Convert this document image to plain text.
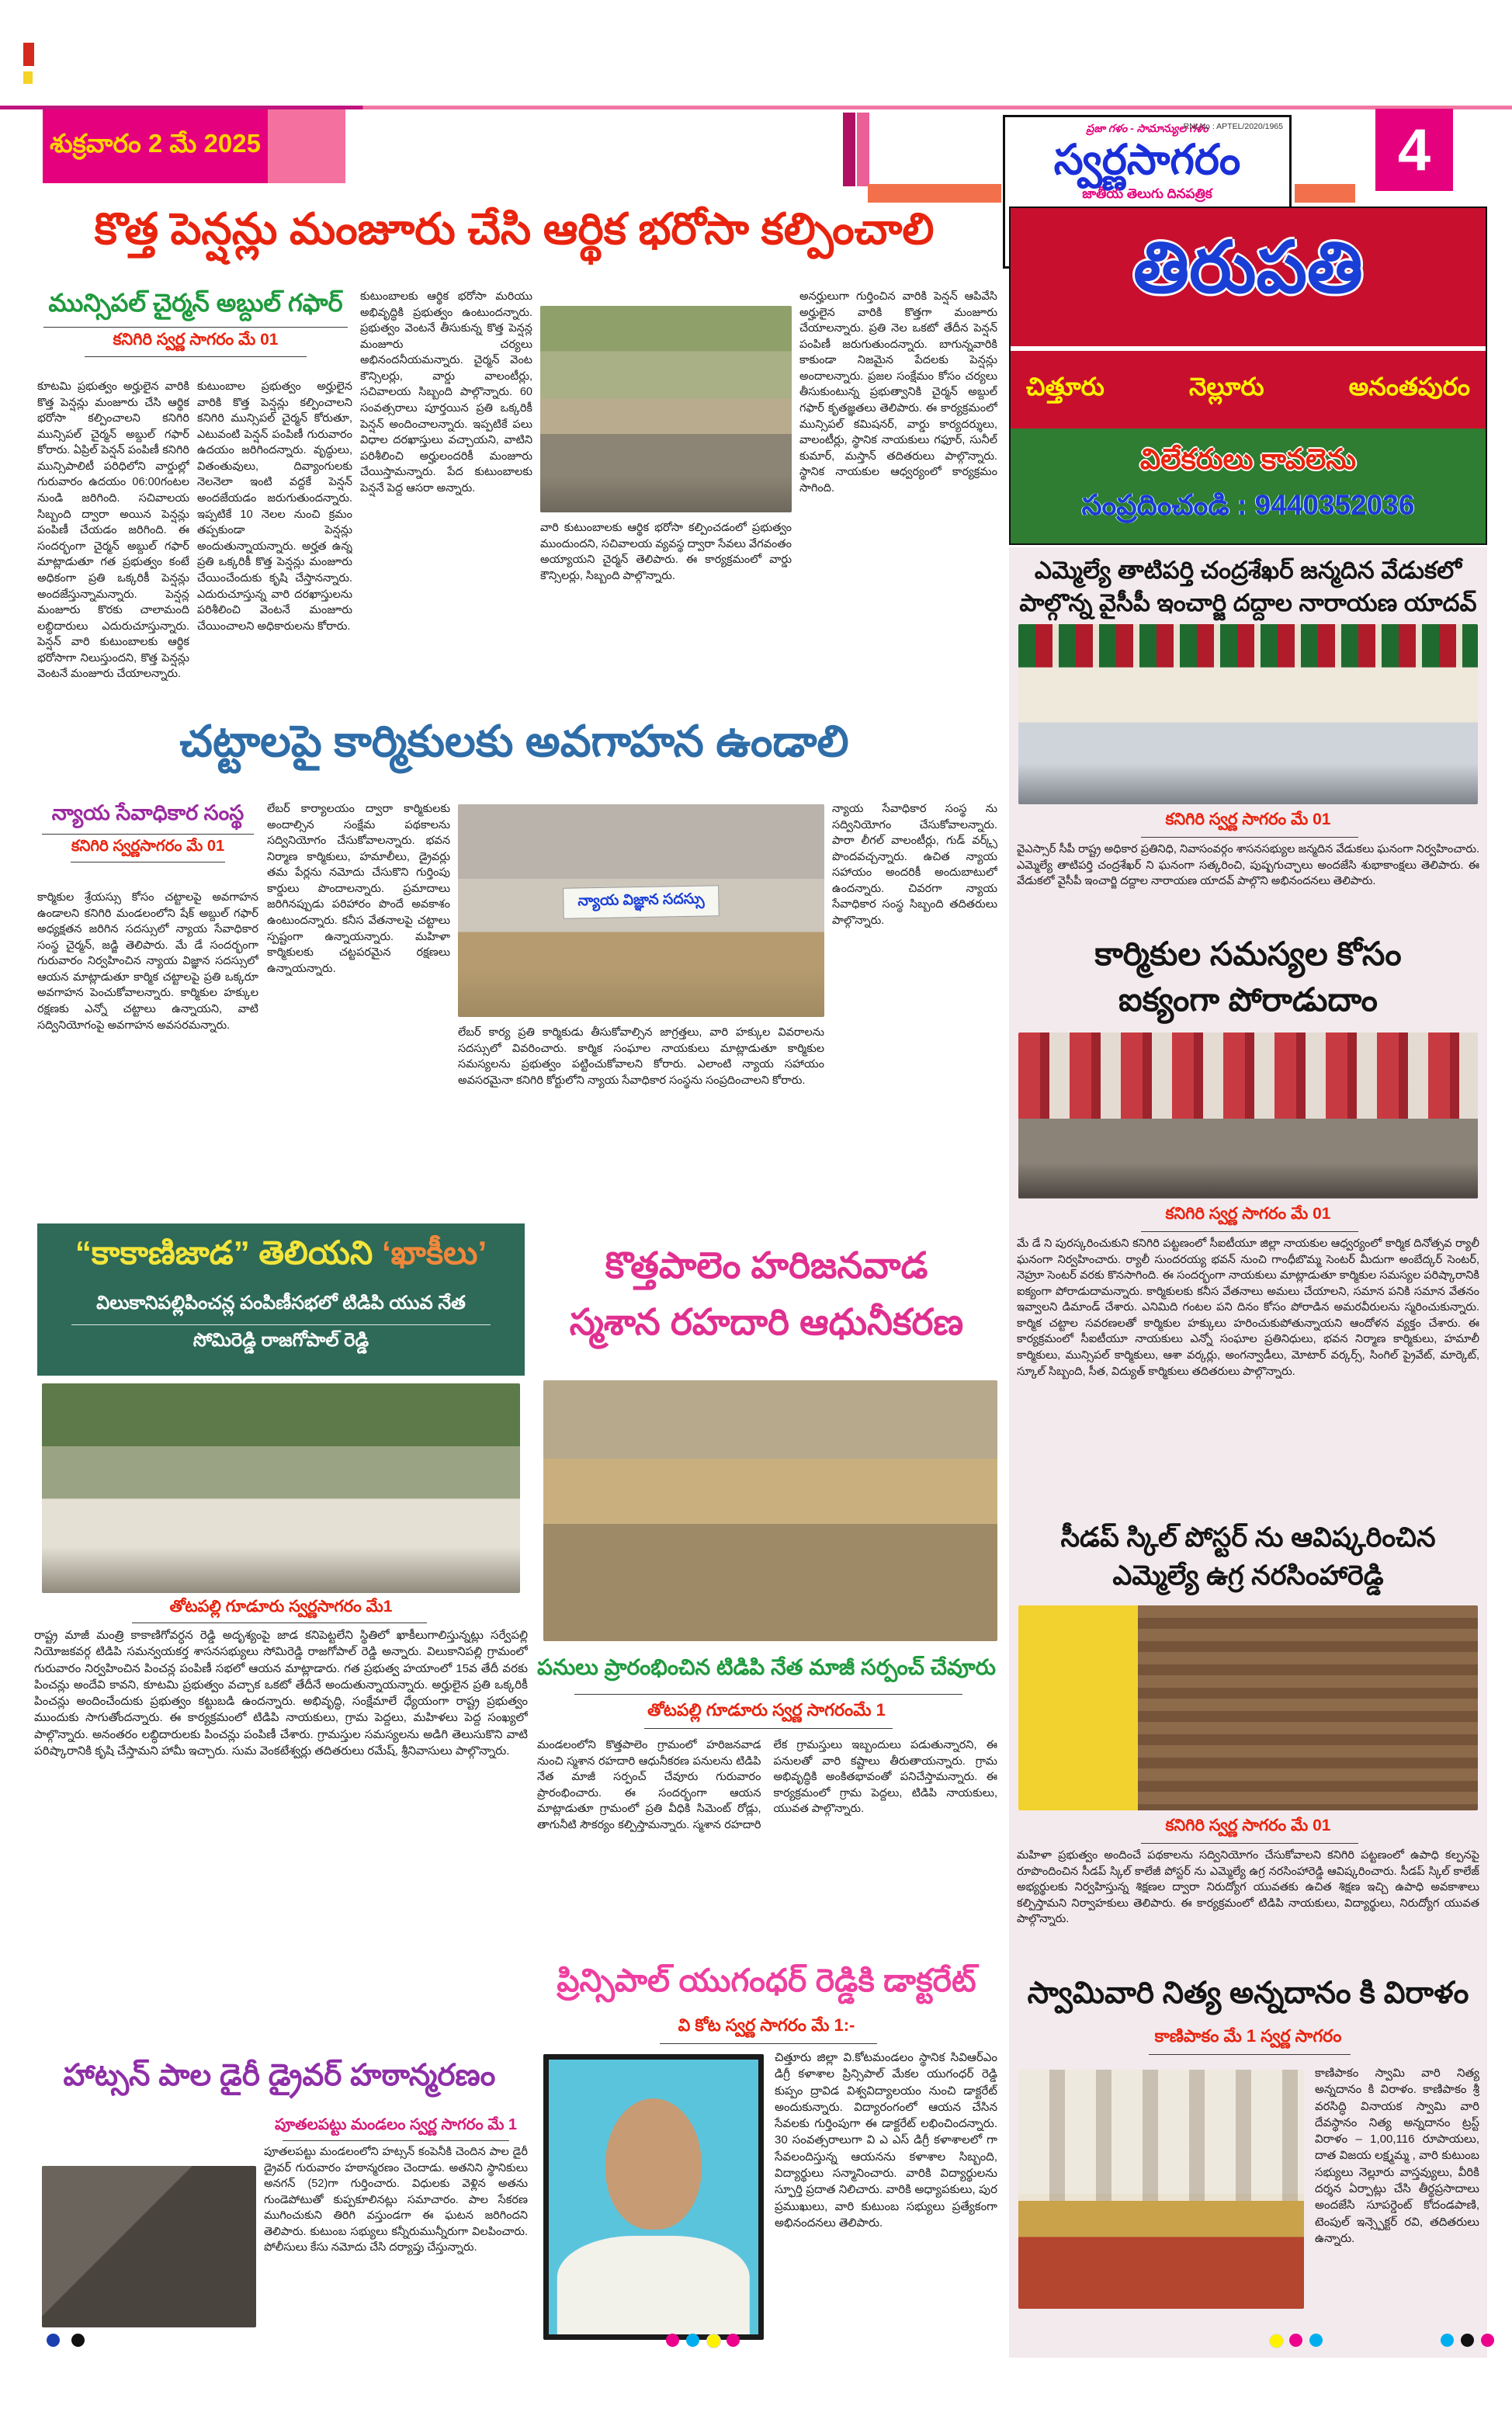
శుక్రవారం 2 మే 2025
ప్రజా గళం - సామాన్యుల గళం
RNI No : APTEL/2020/1965
స్వర్ణసాగరం
జాతీయ తెలుగు దినపత్రిక
4
తిరుపతి
చిత్తూరు	నెల్లూరు	అనంతపురం
విలేకరులు కావలెను
సంప్రదించండి : 9440352036
కొత్త పెన్షన్లు మంజూరు చేసి ఆర్థిక భరోసా కల్పించాలి
మున్సిపల్ చైర్మన్ అబ్దుల్ గఫార్
కనిగిరి స్వర్ణ సాగరం మే 01
కూటమి ప్రభుత్వం అర్హులైన వారికి కొత్త పెన్షన్లు మంజూరు చేసి ఆర్థిక భరోసా కల్పించాలని కనిగిరి మున్సిపల్ చైర్మన్ అబ్దుల్ గఫార్ కోరారు. ఏప్రిల్ పెన్షన్ పంపిణీ కనిగిరి మున్సిపాలిటీ పరిధిలోని వార్డుల్లో గురువారం ఉదయం 06:00గంటల నుండి జరిగింది. సచివాలయ సిబ్బంది ద్వారా అయిన పెన్షన్లు పంపిణీ చేయడం జరిగింది. ఈ సందర్భంగా చైర్మన్ అబ్దుల్ గఫార్ మాట్లాడుతూ గత ప్రభుత్వం కంటే అధికంగా ప్రతి ఒక్కరికీ పెన్షన్లు అందజేస్తున్నామన్నారు. పెన్షన్ల మంజూరు కొరకు చాలామంది లబ్ధిదారులు ఎదురుచూస్తున్నారు. పెన్షన్ వారి కుటుంబాలకు ఆర్థిక భరోసాగా నిలుస్తుందని, కొత్త పెన్షన్లు వెంటనే మంజూరు చేయాలన్నారు.
కుటుంబాల ప్రభుత్వం అర్హులైన వారికి కొత్త పెన్షన్లు కల్పించాలని కనిగిరి మున్సిపల్ చైర్మన్ కోరుతూ, ఎటువంటి పెన్షన్ పంపిణీ గురువారం ఉదయం జరిగిందన్నారు. వృద్ధులు, వితంతువులు, దివ్యాంగులకు నెలనెలా ఇంటి వద్దకే పెన్షన్ అందజేయడం జరుగుతుందన్నారు. ఇప్పటికే 10 నెలల నుంచి క్రమం తప్పకుండా పెన్షన్లు అందుతున్నాయన్నారు. అర్హత ఉన్న ప్రతి ఒక్కరికీ కొత్త పెన్షన్లు మంజూరు చేయించేందుకు కృషి చేస్తానన్నారు. ఎదురుచూస్తున్న వారి దరఖాస్తులను పరిశీలించి వెంటనే మంజూరు చేయించాలని అధికారులను కోరారు.
కుటుంబాలకు ఆర్థిక భరోసా మరియు అభివృద్ధికి ప్రభుత్వం ఉంటుందన్నారు. ప్రభుత్వం వెంటనే తీసుకున్న కొత్త పెన్షన్ల మంజూరు చర్యలు అభినందనీయమన్నారు. చైర్మన్ వెంట కౌన్సిలర్లు, వార్డు వాలంటీర్లు, సచివాలయ సిబ్బంది పాల్గొన్నారు. 60 సంవత్సరాలు పూర్తయిన ప్రతి ఒక్కరికీ పెన్షన్ అందించాలన్నారు. ఇప్పటికే పలు విధాల దరఖాస్తులు వచ్చాయని, వాటిని పరిశీలించి అర్హులందరికీ మంజూరు చేయిస్తామన్నారు. పేద కుటుంబాలకు పెన్షనే పెద్ద ఆసరా అన్నారు.
వారి కుటుంబాలకు ఆర్థిక భరోసా కల్పించడంలో ప్రభుత్వం ముందుందని, సచివాలయ వ్యవస్థ ద్వారా సేవలు వేగవంతం అయ్యాయని చైర్మన్ తెలిపారు. ఈ కార్యక్రమంలో వార్డు కౌన్సిలర్లు, సిబ్బంది పాల్గొన్నారు.
అనర్హులుగా గుర్తించిన వారికి పెన్షన్ ఆపివేసి అర్హులైన వారికి కొత్తగా మంజూరు చేయాలన్నారు. ప్రతి నెల ఒకటో తేదీన పెన్షన్ పంపిణీ జరుగుతుందన్నారు. బాగున్నవారికి కాకుండా నిజమైన పేదలకు పెన్షన్లు అందాలన్నారు. ప్రజల సంక్షేమం కోసం చర్యలు తీసుకుంటున్న ప్రభుత్వానికి చైర్మన్ అబ్దుల్ గఫార్ కృతజ్ఞతలు తెలిపారు. ఈ కార్యక్రమంలో మున్సిపల్ కమిషనర్, వార్డు కార్యదర్శులు, వాలంటీర్లు, స్థానిక నాయకులు గఫూర్, సునీల్ కుమార్, మస్తాన్ తదితరులు పాల్గొన్నారు. స్థానిక నాయకుల ఆధ్వర్యంలో కార్యక్రమం సాగింది.
చట్టాలపై కార్మికులకు అవగాహన ఉండాలి
న్యాయ సేవాధికార సంస్థ
కనిగిరి స్వర్ణసాగరం మే 01
కార్మికుల శ్రేయస్సు కోసం చట్టాలపై అవగాహన ఉండాలని కనిగిరి మండలంలోని షేక్ అబ్దుల్ గఫార్ అధ్యక్షతన జరిగిన సదస్సులో న్యాయ సేవాధికార సంస్థ చైర్మన్, జడ్జి తెలిపారు. మే డే సందర్భంగా గురువారం నిర్వహించిన న్యాయ విజ్ఞాన సదస్సులో ఆయన మాట్లాడుతూ కార్మిక చట్టాలపై ప్రతి ఒక్కరూ అవగాహన పెంచుకోవాలన్నారు. కార్మికుల హక్కుల రక్షణకు ఎన్నో చట్టాలు ఉన్నాయని, వాటి సద్వినియోగంపై అవగాహన అవసరమన్నారు.
లేబర్ కార్యాలయం ద్వారా కార్మికులకు అందాల్సిన సంక్షేమ పథకాలను సద్వినియోగం చేసుకోవాలన్నారు. భవన నిర్మాణ కార్మికులు, హమాలీలు, డ్రైవర్లు తమ పేర్లను నమోదు చేసుకొని గుర్తింపు కార్డులు పొందాలన్నారు. ప్రమాదాలు జరిగినప్పుడు పరిహారం పొందే అవకాశం ఉంటుందన్నారు. కనీస వేతనాలపై చట్టాలు స్పష్టంగా ఉన్నాయన్నారు. మహిళా కార్మికులకు చట్టపరమైన రక్షణలు ఉన్నాయన్నారు.
న్యాయ విజ్ఞాన సదస్సు
లేబర్ కార్య ప్రతి కార్మికుడు తీసుకోవాల్సిన జాగ్రత్తలు, వారి హక్కుల వివరాలను సదస్సులో వివరించారు. కార్మిక సంఘాల నాయకులు మాట్లాడుతూ కార్మికుల సమస్యలను ప్రభుత్వం పట్టించుకోవాలని కోరారు. ఎలాంటి న్యాయ సహాయం అవసరమైనా కనిగిరి కోర్టులోని న్యాయ సేవాధికార సంస్థను సంప్రదించాలని కోరారు.
న్యాయ సేవాధికార సంస్థ ను సద్వినియోగం చేసుకోవాలన్నారు. పారా లీగల్ వాలంటీర్లు, గుడ్ వర్క్స్ పొందవచ్చన్నారు. ఉచిత న్యాయ సహాయం అందరికీ అందుబాటులో ఉందన్నారు. చివరగా న్యాయ సేవాధికార సంస్థ సిబ్బంది తదితరులు పాల్గొన్నారు.
“కాకాణిజాడ” తెలియని ‘ఖాకీలు’
విలుకానిపల్లిపించన్ల పంపిణీసభలో టిడిపి యువ నేత
సోమిరెడ్డి రాజగోపాల్ రెడ్డి
తోటపల్లి గూడూరు స్వర్ణసాగరం మే1
రాష్ట్ర మాజీ మంత్రి కాకాణిగోవర్ధన రెడ్డి అదృశ్యంపై జాడ కనిపెట్టలేని స్థితిలో ఖాకీలుగాలిస్తున్నట్లు సర్వేపల్లి నియోజకవర్గ టిడిపి సమన్వయకర్త శాసనసభ్యులు సోమిరెడ్డి రాజగోపాల్ రెడ్డి అన్నారు. విలుకానిపల్లి గ్రామంలో గురువారం నిర్వహించిన పించన్ల పంపిణీ సభలో ఆయన మాట్లాడారు. గత ప్రభుత్వ హయాంలో 15వ తేదీ వరకు పించన్లు అందేవి కావని, కూటమి ప్రభుత్వం వచ్చాక ఒకటో తేదీనే అందుతున్నాయన్నారు. అర్హులైన ప్రతి ఒక్కరికీ పించన్లు అందించేందుకు ప్రభుత్వం కట్టుబడి ఉందన్నారు. అభివృద్ధి, సంక్షేమాలే ధ్యేయంగా రాష్ట్ర ప్రభుత్వం ముందుకు సాగుతోందన్నారు. ఈ కార్యక్రమంలో టిడిపి నాయకులు, గ్రామ పెద్దలు, మహిళలు పెద్ద సంఖ్యలో పాల్గొన్నారు. అనంతరం లబ్ధిదారులకు పించన్లు పంపిణీ చేశారు. గ్రామస్తుల సమస్యలను అడిగి తెలుసుకొని వాటి పరిష్కారానికి కృషి చేస్తామని హామీ ఇచ్చారు. సుమ వెంకటేశ్వర్లు తదితరులు రమేష్, శ్రీనివాసులు పాల్గొన్నారు.
హాట్సన్ పాల డైరీ డ్రైవర్ హఠాన్మరణం
పూతలపట్టు మండలం స్వర్ణ సాగరం మే 1
పూతలపట్టు మండలంలోని హట్సన్ కంపెనీకి చెందిన పాల డైరీ డ్రైవర్ గురువారం హఠాన్మరణం చెందాడు. అతనిని స్థానికులు అనగన్ (52)గా గుర్తించారు. విధులకు వెళ్లిన అతను గుండెపోటుతో కుప్పకూలినట్లు సమాచారం. పాల సేకరణ ముగించుకుని తిరిగి వస్తుండగా ఈ ఘటన జరిగిందని తెలిపారు. కుటుంబ సభ్యులు కన్నీరుమున్నీరుగా విలపించారు. పోలీసులు కేసు నమోదు చేసి దర్యాప్తు చేస్తున్నారు.
కొత్తపాలెం హరిజనవాడ
స్మశాన రహదారి ఆధునీకరణ
పనులు ప్రారంభించిన టిడిపి నేత మాజీ సర్పంచ్ చేవూరు
తోటపల్లి గూడూరు స్వర్ణ సాగరంమే 1
మండలంలోని కొత్తపాలెం గ్రామంలో హరిజనవాడ నుంచి స్మశాన రహదారి ఆధునీకరణ పనులను టిడిపి నేత మాజీ సర్పంచ్ చేవూరు గురువారం ప్రారంభించారు. ఈ సందర్భంగా ఆయన మాట్లాడుతూ గ్రామంలో ప్రతి వీధికి సిమెంట్ రోడ్లు, తాగునీటి సౌకర్యం కల్పిస్తామన్నారు. స్మశాన రహదారి లేక గ్రామస్తులు ఇబ్బందులు పడుతున్నారని, ఈ పనులతో వారి కష్టాలు తీరుతాయన్నారు. గ్రామ అభివృద్ధికి అంకితభావంతో పనిచేస్తామన్నారు. ఈ కార్యక్రమంలో గ్రామ పెద్దలు, టిడిపి నాయకులు, యువత పాల్గొన్నారు.
ప్రిన్సిపాల్ యుగంధర్ రెడ్డికి డాక్టరేట్
వి కోట స్వర్ణ సాగరం మే 1:-
చిత్తూరు జిల్లా వి.కోటమండలం స్థానిక సివిఆర్ఎం డిగ్రీ కళాశాల ప్రిన్సిపాల్ మేకల యుగంధర్ రెడ్డి కుప్పం ద్రావిడ విశ్వవిద్యాలయం నుంచి డాక్టరేట్ అందుకున్నారు. విద్యారంగంలో ఆయన చేసిన సేవలకు గుర్తింపుగా ఈ డాక్టరేట్ లభించిందన్నారు. 30 సంవత్సరాలుగా వి ఎ ఎస్ డిగ్రీ కళాశాలలో గా సేవలందిస్తున్న ఆయనను కళాశాల సిబ్బంది, విద్యార్థులు సన్మానించారు. వారికి విద్యార్థులను స్ఫూర్తి ప్రదాత నిలిచారు. వారికి అధ్యాపకులు, పుర ప్రముఖులు, వారి కుటుంబ సభ్యులు ప్రత్యేకంగా అభినందనలు తెలిపారు.
ఎమ్మెల్యే తాటిపర్తి చంద్రశేఖర్ జన్మదిన వేడుకలో
పాల్గొన్న వైసీపీ ఇంచార్జి దద్దాల నారాయణ యాదవ్
కనిగిరి స్వర్ణ సాగరం మే 01
వైఎస్సార్ సీపీ రాష్ట్ర అధికార ప్రతినిధి, నివాసంవర్గం శాసనసభ్యుల జన్మదిన వేడుకలు ఘనంగా నిర్వహించారు. ఎమ్మెల్యే తాటిపర్తి చంద్రశేఖర్ ని ఘనంగా సత్కరించి, పుష్పగుచ్ఛాలు అందజేసి శుభాకాంక్షలు తెలిపారు. ఈ వేడుకలో వైసీపీ ఇంచార్జి దద్దాల నారాయణ యాదవ్ పాల్గొని అభినందనలు తెలిపారు.
కార్మికుల సమస్యల కోసం
ఐక్యంగా పోరాడుదాం
కనిగిరి స్వర్ణ సాగరం మే 01
మే డే ని పురస్కరించుకుని కనిగిరి పట్టణంలో సీఐటీయూ జిల్లా నాయకుల ఆధ్వర్యంలో కార్మిక దినోత్సవ ర్యాలీ ఘనంగా నిర్వహించారు. ర్యాలీ సుందరయ్య భవన్ నుంచి గాంధీబొమ్మ సెంటర్ మీదుగా అంబేద్కర్ సెంటర్, నెహ్రూ సెంటర్ వరకు కొనసాగింది. ఈ సందర్భంగా నాయకులు మాట్లాడుతూ కార్మికుల సమస్యల పరిష్కారానికి ఐక్యంగా పోరాడుదామన్నారు. కార్మికులకు కనీస వేతనాలు అమలు చేయాలని, సమాన పనికి సమాన వేతనం ఇవ్వాలని డిమాండ్ చేశారు. ఎనిమిది గంటల పని దినం కోసం పోరాడిన అమరవీరులను స్మరించుకున్నారు. కార్మిక చట్టాల సవరణలతో కార్మికుల హక్కులు హరించుకుపోతున్నాయని ఆందోళన వ్యక్తం చేశారు. ఈ కార్యక్రమంలో సీఐటీయూ నాయకులు ఎన్నో సంఘాల ప్రతినిధులు, భవన నిర్మాణ కార్మికులు, హమాలీ కార్మికులు, మున్సిపల్ కార్మికులు, ఆశా వర్కర్లు, అంగన్వాడీలు, మోటార్ వర్కర్స్, సింగిల్ ప్రైవేట్, మార్కెట్, స్కూల్ సిబ్బంది, సీత, విద్యుత్ కార్మికులు తదితరులు పాల్గొన్నారు.
సీడప్ స్కిల్ పోస్టర్ ను ఆవిష్కరించిన
ఎమ్మెల్యే ఉగ్ర నరసింహారెడ్డి
కనిగిరి స్వర్ణ సాగరం మే 01
మహిళా ప్రభుత్వం అందించే పథకాలను సద్వినియోగం చేసుకోవాలని కనిగిరి పట్టణంలో ఉపాధి కల్పనపై రూపొందించిన సీడప్ స్కిల్ కాలేజీ పోస్టర్ ను ఎమ్మెల్యే ఉగ్ర నరసింహారెడ్డి ఆవిష్కరించారు. సీడప్ స్కిల్ కాలేజ్ అభ్యర్థులకు నిర్వహిస్తున్న శిక్షణల ద్వారా నిరుద్యోగ యువతకు ఉచిత శిక్షణ ఇచ్చి ఉపాధి అవకాశాలు కల్పిస్తామని నిర్వాహకులు తెలిపారు. ఈ కార్యక్రమంలో టిడిపి నాయకులు, విద్యార్థులు, నిరుద్యోగ యువత పాల్గొన్నారు.
స్వామివారి నిత్య అన్నదానం కి విరాళం
కాణిపాకం మే 1 స్వర్ణ సాగరం
కాణిపాకం స్వామి వారి నిత్య అన్నదానం కి విరాళం. కాణిపాకం శ్రీ వరసిద్ధి వినాయక స్వామి వారి దేవస్థానం నిత్య అన్నదానం ట్రస్ట్ విరాళం – 1,00,116 రూపాయలు, దాత విజయ లక్ష్మమ్మ , వారి కుటుంబ సభ్యులు నెల్లూరు వాస్తవ్యులు, వీరికి దర్శన ఏర్పాట్లు చేసి తీర్థప్రసాదాలు అందజేసి సూపర్డెంట్ కోదండపాణి, టెంపుల్ ఇన్స్పెక్టర్ రవి, తదితరులు ఉన్నారు.
